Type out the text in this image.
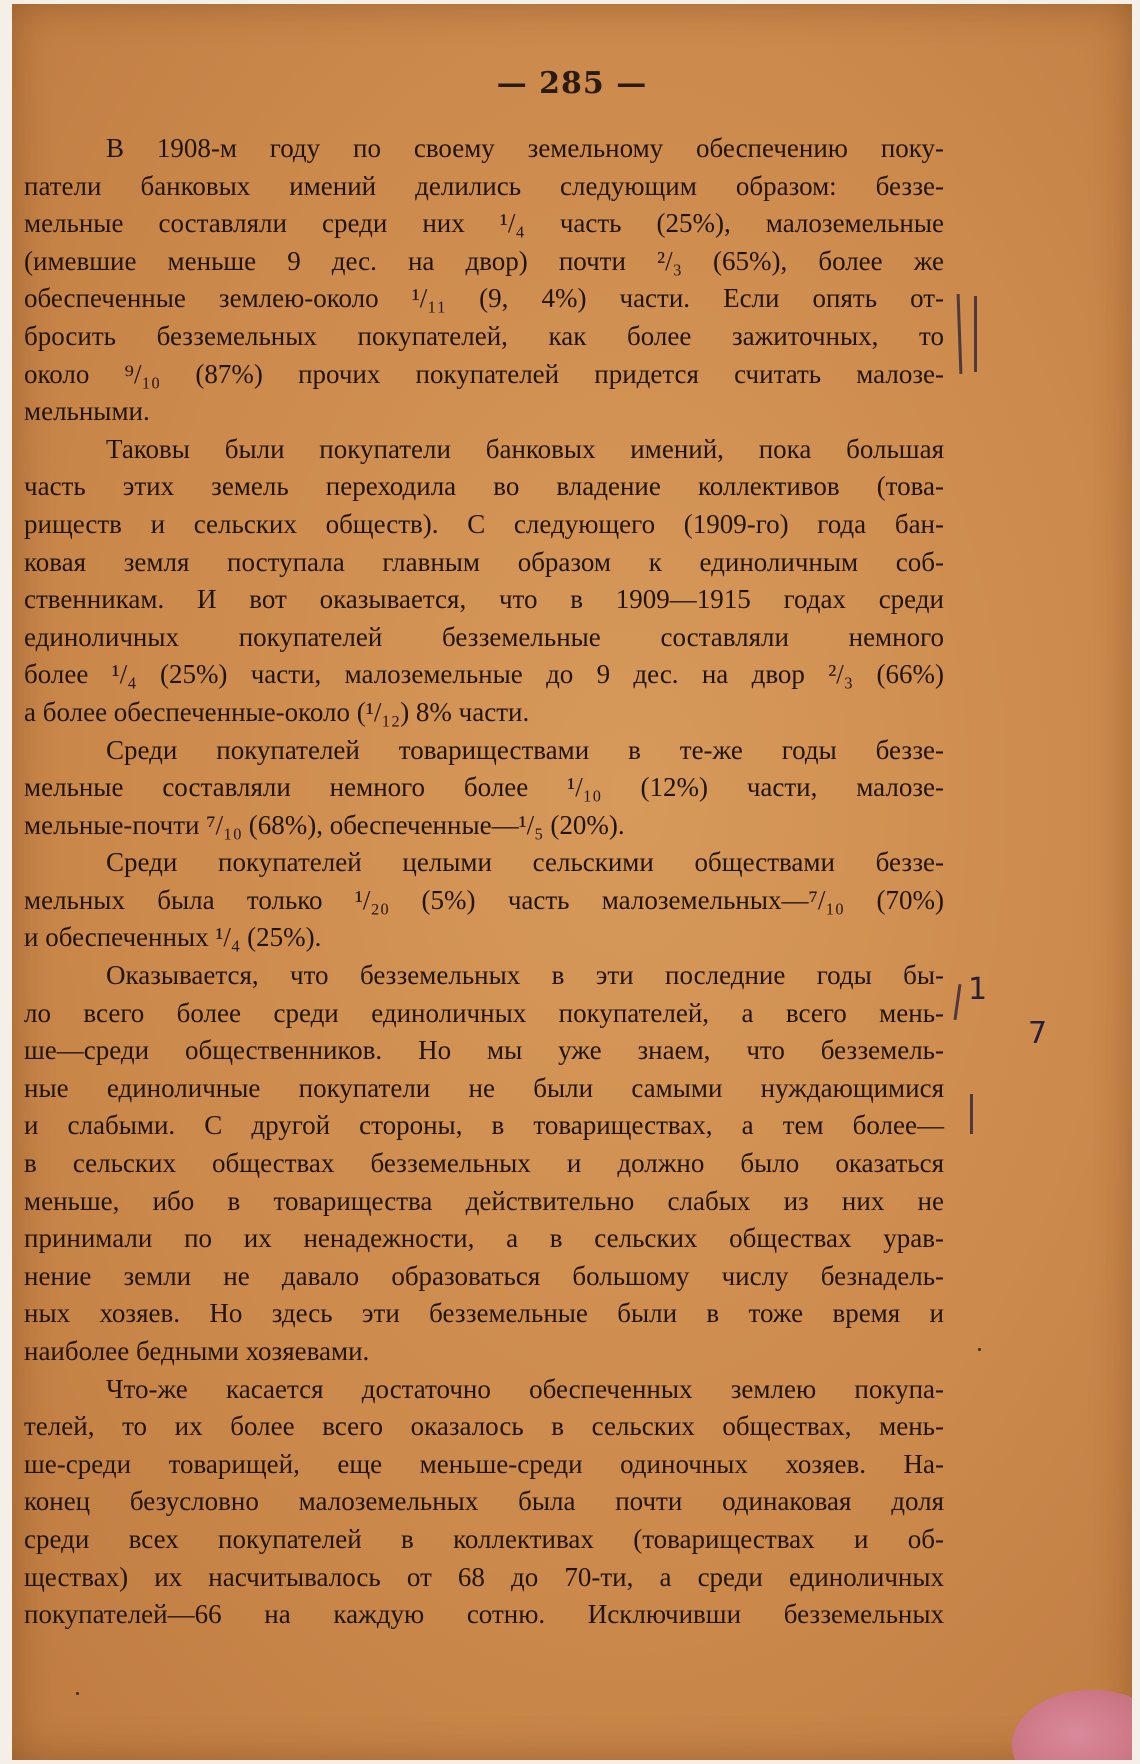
— 285 —
В 1908-м году по своему земельному обеспечению поку-
патели банковых имений делились следующим образом: беззе-
мельные составляли среди них ¹/₄ часть (25%), малоземельные
(имевшие меньше 9 дес. на двор) почти ²/₃ (65%), более же
обеспеченные землею-около ¹/₁₁ (9, 4%) части. Если опять от-
бросить безземельных покупателей, как более зажиточных, то
около ⁹/₁₀ (87%) прочих покупателей придется считать малозе-
мельными.
Таковы были покупатели банковых имений, пока большая
часть этих земель переходила во владение коллективов (това-
риществ и сельских обществ). С следующего (1909-го) года бан-
ковая земля поступала главным образом к единоличным соб-
ственникам. И вот оказывается, что в 1909—1915 годах среди
единоличных покупателей безземельные составляли немного
более ¹/₄ (25%) части, малоземельные до 9 дес. на двор ²/₃ (66%)
а более обеспеченные-около (¹/₁₂) 8% части.
Среди покупателей товариществами в те-же годы беззе-
мельные составляли немного более ¹/₁₀ (12%) части, малозе-
мельные-почти ⁷/₁₀ (68%), обеспеченные—¹/₅ (20%).
Среди покупателей целыми сельскими обществами беззе-
мельных была только ¹/₂₀ (5%) часть малоземельных—⁷/₁₀ (70%)
и обеспеченных ¹/₄ (25%).
Оказывается, что безземельных в эти последние годы бы-
ло всего более среди единоличных покупателей, а всего мень-
ше—среди общественников. Но мы уже знаем, что безземель-
ные единоличные покупатели не были самыми нуждающимися
и слабыми. С другой стороны, в товариществах, а тем более—
в сельских обществах безземельных и должно было оказаться
меньше, ибо в товарищества действительно слабых из них не
принимали по их ненадежности, а в сельских обществах урав-
нение земли не давало образоваться большому числу безнадель-
ных хозяев. Но здесь эти безземельные были в тоже время и
наиболее бедными хозяевами.
Что-же касается достаточно обеспеченных землею покупа-
телей, то их более всего оказалось в сельских обществах, мень-
ше-среди товарищей, еще меньше-среди одиночных хозяев. На-
конец безусловно малоземельных была почти одинаковая доля
среди всех покупателей в коллективах (товариществах и об-
ществах) их насчитывалось от 68 до 70-ти, а среди единоличных
покупателей—66 на каждую сотню. Исключивши безземельных
1
7
